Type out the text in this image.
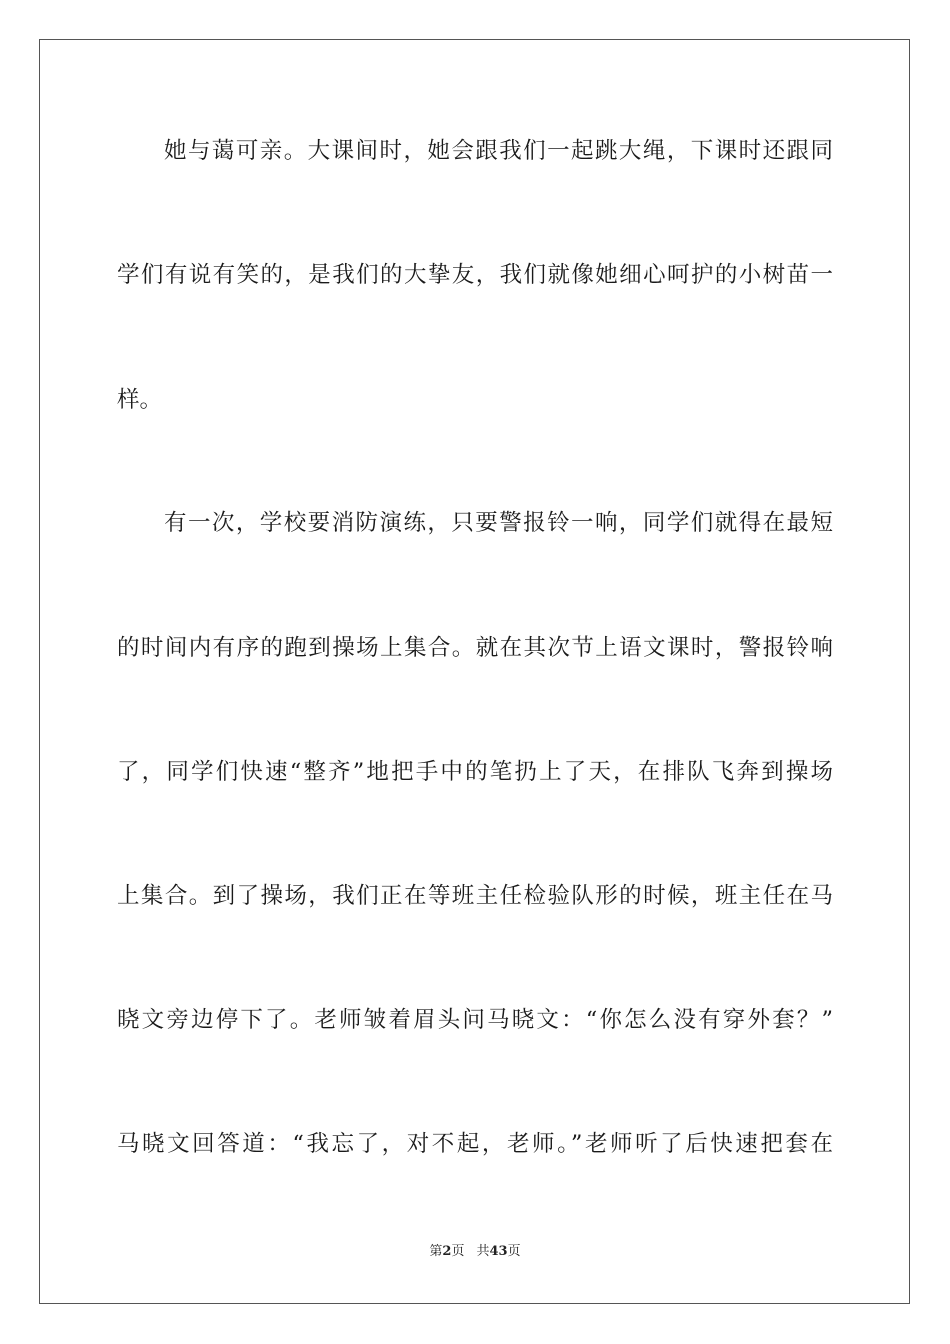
她与蔼可亲。大课间时，她会跟我们一起跳大绳，下课时还跟同
学们有说有笑的，是我们的大挚友，我们就像她细心呵护的小树苗一
样。
有一次，学校要消防演练，只要警报铃一响，同学们就得在最短
的时间内有序的跑到操场上集合。就在其次节上语文课时，警报铃响
了，同学们快速“整齐”地把手中的笔扔上了天，在排队飞奔到操场
上集合。到了操场，我们正在等班主任检验队形的时候，班主任在马
晓文旁边停下了。老师皱着眉头问马晓文：“你怎么没有穿外套？”
马晓文回答道：“我忘了，对不起，老师。”老师听了后快速把套在
第2页 共43页
